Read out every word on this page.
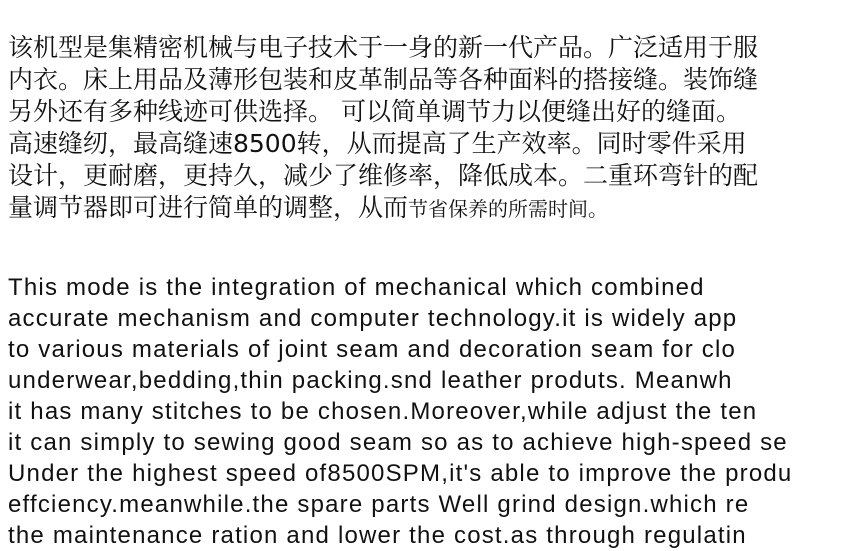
该机型是集精密机械与电子技术于一身的新一代产品。广泛适用于服
内衣。床上用品及薄形包装和皮革制品等各种面料的搭接缝。装饰缝
另外还有多种线迹可供选择。 可以简单调节力以便缝出好的缝面。
高速缝纫，最高缝速8500转，从而提高了生产效率。同时零件采用
设计，更耐磨，更持久，减少了维修率，降低成本。二重环弯针的配
量调节器即可进行简单的调整，从而节省保养的所需时间。
This mode is the integration of mechanical which combined
accurate mechanism and computer technology.it is widely app
to various materials of joint seam and decoration seam for clo
underwear,bedding,thin packing.snd leather produts. Meanwh
it has many stitches to be chosen.Moreover,while adjust the ten
it can simply to sewing good seam so as to achieve high-speed se
Under the highest speed of8500SPM,it's able to improve the produ
effciency.meanwhile.the spare parts Well grind design.which re
the maintenance ration and lower the cost.as through regulatin
